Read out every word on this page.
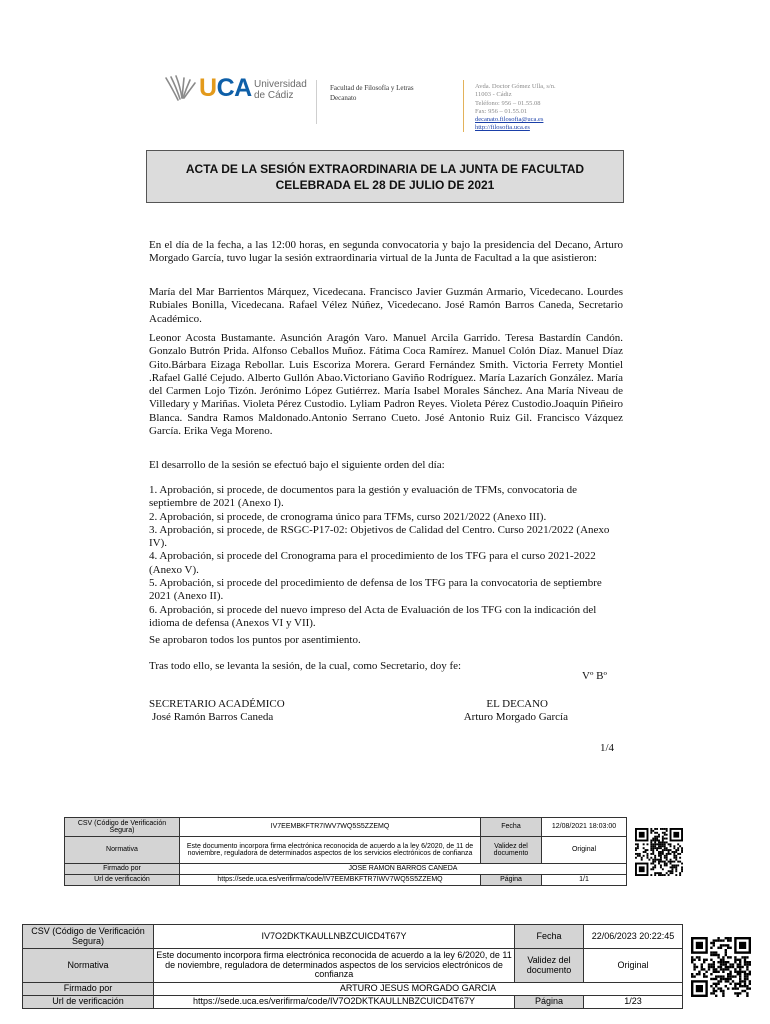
UCA Universidad
de Cádiz
Facultad de Filosofía y Letras
Decanato
Avda. Doctor Gómez Ulla, s/n.
11003 - Cádiz
Teléfono: 956 – 01.55.08
Fax: 956 – 01.55.01
decanato.filosofia@uca.es
http://filosofia.uca.es
ACTA DE LA SESIÓN EXTRAORDINARIA DE LA JUNTA DE FACULTAD
CELEBRADA EL 28 DE JULIO DE 2021
En el día de la fecha, a las 12:00 horas, en segunda convocatoria y bajo la presidencia del Decano, Arturo Morgado García, tuvo lugar la sesión extraordinaria virtual de la Junta de Facultad a la que asistieron:
María del Mar Barrientos Márquez, Vicedecana. Francisco Javier Guzmán Armario, Vicedecano. Lourdes Rubiales Bonilla, Vicedecana. Rafael Vélez Núñez, Vicedecano. José Ramón Barros Caneda, Secretario Académico.
Leonor Acosta Bustamante. Asunción Aragón Varo. Manuel Arcila Garrido. Teresa Bastardín Candón. Gonzalo Butrón Prida. Alfonso Ceballos Muñoz. Fátima Coca Ramírez. Manuel Colón Díaz. Manuel Díaz Gito.Bárbara Eizaga Rebollar. Luis Escoriza Morera. Gerard Fernández Smith. Victoria Ferrety Montiel .Rafael Gallé Cejudo. Alberto Gullón Abao.Victoriano Gaviño Rodríguez. María Lazarích González. María del Carmen Lojo Tizón. Jerónimo López Gutiérrez. María Isabel Morales Sánchez. Ana María Niveau de Villedary y Mariñas. Violeta Pérez Custodio. Lyliam Padron Reyes. Violeta Pérez Custodio.Joaquín Piñeiro Blanca. Sandra Ramos Maldonado.Antonio Serrano Cueto. José Antonio Ruiz Gil. Francisco Vázquez García. Erika Vega Moreno.
El desarrollo de la sesión se efectuó bajo el siguiente orden del día:
1. Aprobación, si procede, de documentos para la gestión y evaluación de TFMs, convocatoria de septiembre de 2021 (Anexo I).
2. Aprobación, si procede, de cronograma único para TFMs, curso 2021/2022 (Anexo III).
3. Aprobación, si procede, de RSGC-P17-02: Objetivos de Calidad del Centro. Curso 2021/2022 (Anexo IV).
4. Aprobación, si procede del Cronograma para el procedimiento de los TFG para el curso 2021-2022 (Anexo V).
5. Aprobación, si procede del procedimiento de defensa de los TFG para la convocatoria de septiembre 2021 (Anexo II).
6. Aprobación, si procede del nuevo impreso del Acta de Evaluación de los TFG con la indicación del idioma de defensa (Anexos VI y VII).
Se aprobaron todos los puntos por asentimiento.
Tras todo ello, se levanta la sesión, de la cual, como Secretario, doy fe:
Vº Bº
SECRETARIO ACADÉMICO
José Ramón Barros Caneda
EL DECANO
Arturo Morgado García
1/4
CSV (Código de Verificación Segura)	IV7EEMBKFTR7IWV7WQ5S5ZZEMQ	Fecha	12/08/2021 18:03:00	

Normativa	Este documento incorpora firma electrónica reconocida de acuerdo a la ley 6/2020, de 11 de noviembre, reguladora de determinados aspectos de los servicios electrónicos de confianza	Validez del documento	Original	
Firmado por	JOSE RAMON BARROS CANEDA			
Url de verificación	https://sede.uca.es/verifirma/code/IV7EEMBKFTR7IWV7WQ5S5ZZEMQ	Página	1/1	
CSV (Código de Verificación Segura)	IV7O2DKTKAULLNBZCUICD4T67Y	Fecha	22/06/2023 20:22:45	

Normativa	Este documento incorpora firma electrónica reconocida de acuerdo a la ley 6/2020, de 11 de noviembre, reguladora de determinados aspectos de los servicios electrónicos de confianza	Validez del documento	Original	
Firmado por	ARTURO JESUS MORGADO GARCIA			
Url de verificación	https://sede.uca.es/verifirma/code/IV7O2DKTKAULLNBZCUICD4T67Y	Página	1/23	
